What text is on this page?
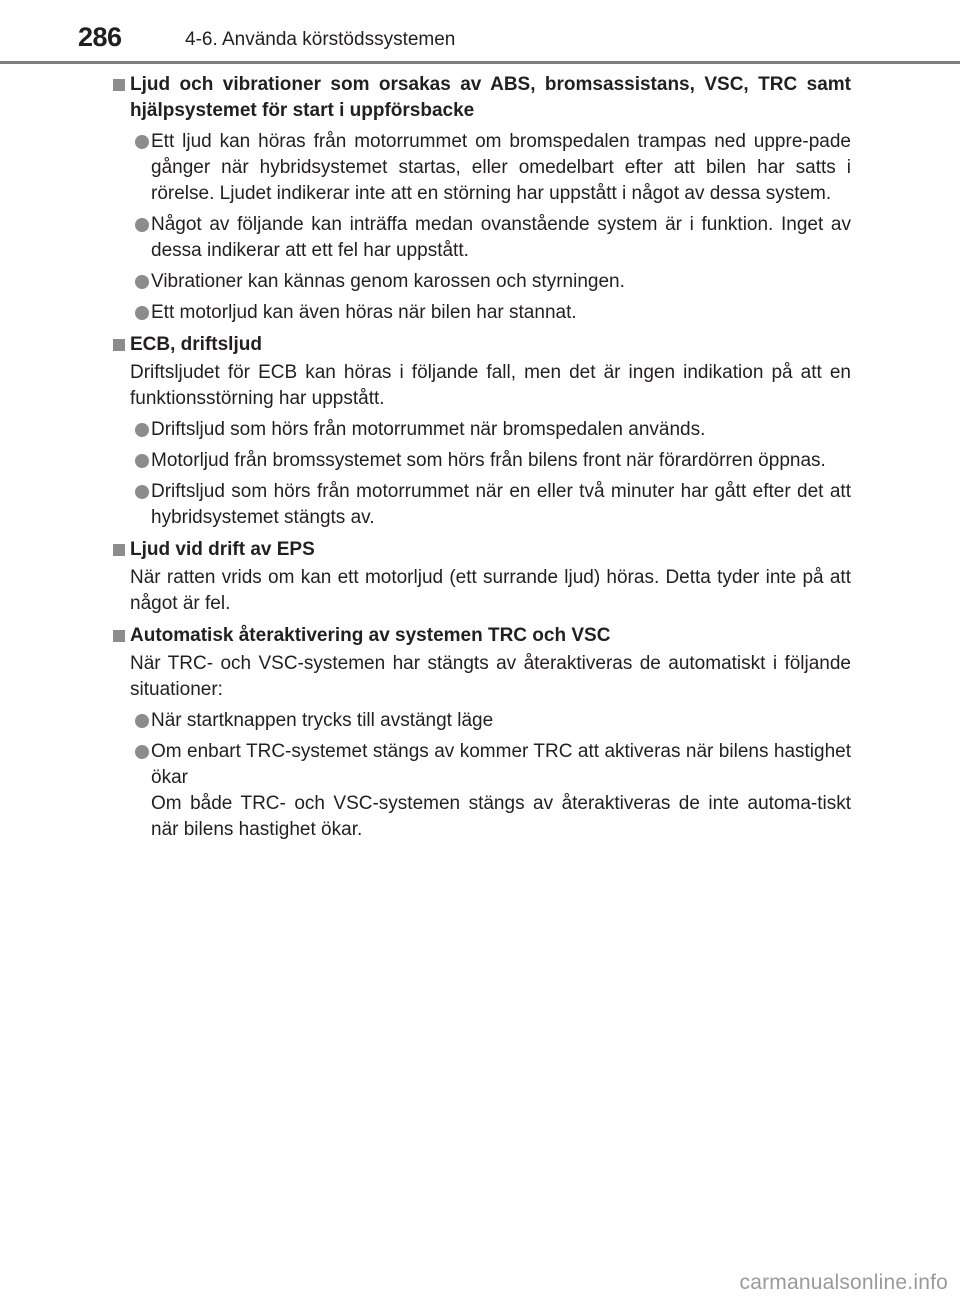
286	4-6. Använda körstödssystemen
Ljud och vibrationer som orsakas av ABS, bromsassistans, VSC, TRC samt hjälpsystemet för start i uppförsbacke
Ett ljud kan höras från motorrummet om bromspedalen trampas ned uppre-pade gånger när hybridsystemet startas, eller omedelbart efter att bilen har satts i rörelse. Ljudet indikerar inte att en störning har uppstått i något av dessa system.
Något av följande kan inträffa medan ovanstående system är i funktion. Inget av dessa indikerar att ett fel har uppstått.
Vibrationer kan kännas genom karossen och styrningen.
Ett motorljud kan även höras när bilen har stannat.
ECB, driftsljud
Driftsljudet för ECB kan höras i följande fall, men det är ingen indikation på att en funktionsstörning har uppstått.
Driftsljud som hörs från motorrummet när bromspedalen används.
Motorljud från bromssystemet som hörs från bilens front när förardörren öppnas.
Driftsljud som hörs från motorrummet när en eller två minuter har gått efter det att hybridsystemet stängts av.
Ljud vid drift av EPS
När ratten vrids om kan ett motorljud (ett surrande ljud) höras. Detta tyder inte på att något är fel.
Automatisk återaktivering av systemen TRC och VSC
När TRC- och VSC-systemen har stängts av återaktiveras de automatiskt i följande situationer:
När startknappen trycks till avstängt läge
Om enbart TRC-systemet stängs av kommer TRC att aktiveras när bilens hastighet ökar
Om både TRC- och VSC-systemen stängs av återaktiveras de inte automa-tiskt när bilens hastighet ökar.
carmanualsonline.info
